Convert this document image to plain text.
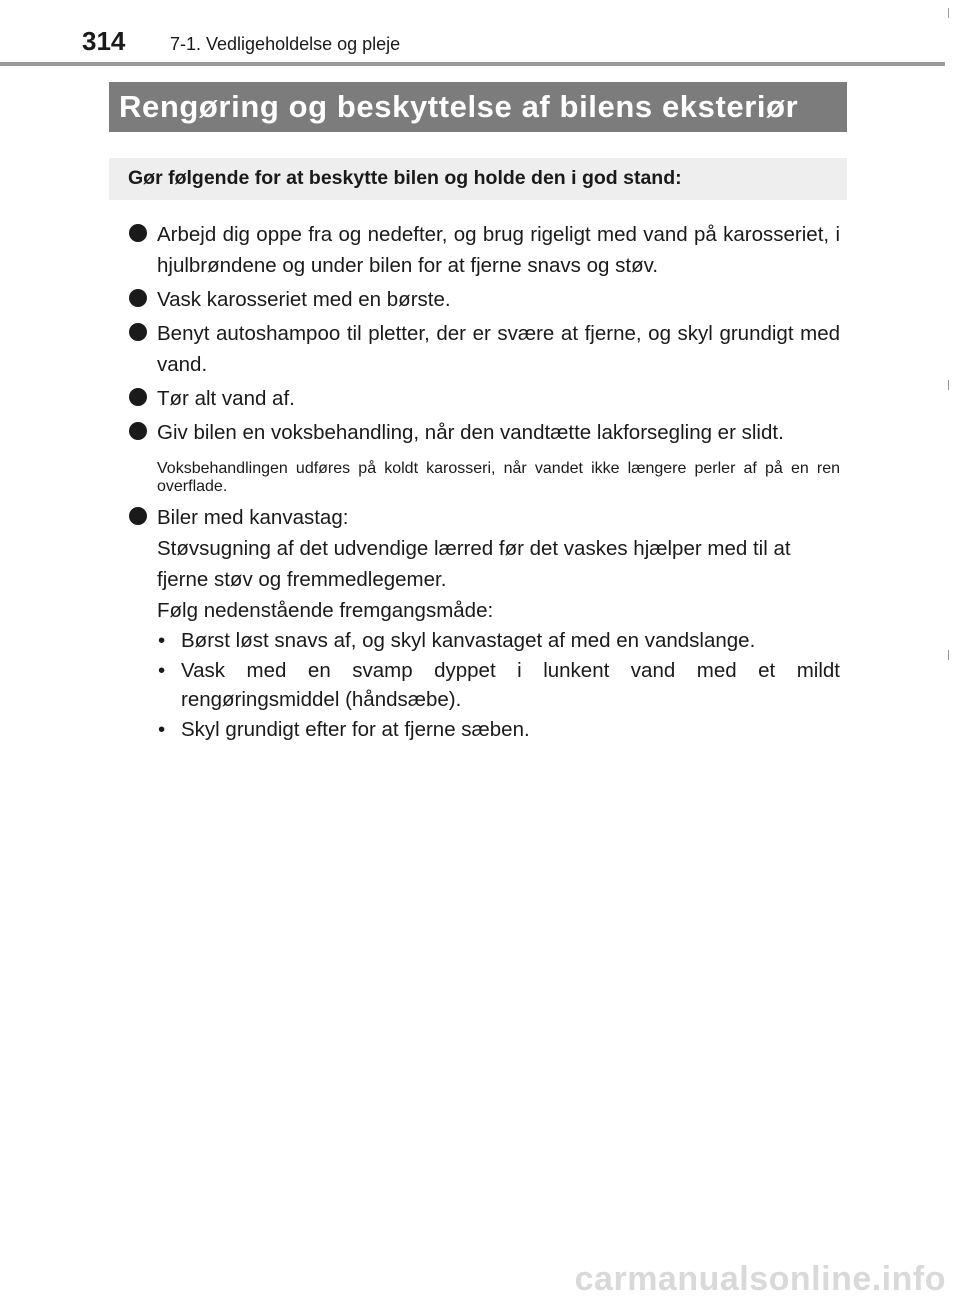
314 7-1. Vedligeholdelse og pleje
Rengøring og beskyttelse af bilens eksteriør
Gør følgende for at beskytte bilen og holde den i god stand:
Arbejd dig oppe fra og nedefter, og brug rigeligt med vand på karosseriet, i hjulbrøndene og under bilen for at fjerne snavs og støv.
Vask karosseriet med en børste.
Benyt autoshampoo til pletter, der er svære at fjerne, og skyl grundigt med vand.
Tør alt vand af.
Giv bilen en voksbehandling, når den vandtætte lakforsegling er slidt.
Voksbehandlingen udføres på koldt karosseri, når vandet ikke længere perler af på en ren overflade.
Biler med kanvastag:
Støvsugning af det udvendige lærred før det vaskes hjælper med til at fjerne støv og fremmedlegemer.
Følg nedenstående fremgangsmåde:
• Børst løst snavs af, og skyl kanvastaget af med en vandslange.
• Vask med en svamp dyppet i lunkent vand med et mildt rengøringsmiddel (håndsæbe).
• Skyl grundigt efter for at fjerne sæben.
carmanualsonline.info
